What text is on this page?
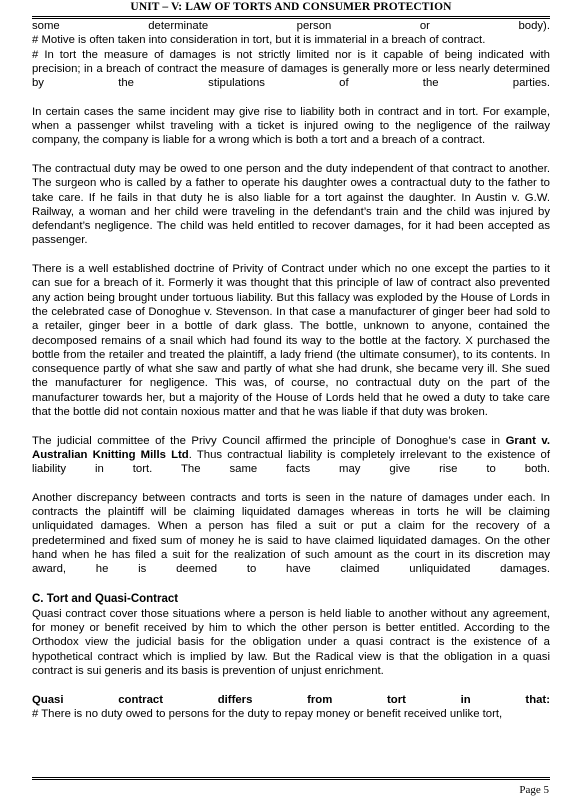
UNIT – V: LAW OF TORTS AND CONSUMER PROTECTION

some determinate person or body).

# Motive is often taken into consideration in tort, but it is immaterial in a breach of contract.

# In tort the measure of damages is not strictly limited nor is it capable of being indicated with precision; in a breach of contract the measure of damages is generally more or less nearly determined by the stipulations of the parties.

In certain cases the same incident may give rise to liability both in contract and in tort. For example, when a passenger whilst traveling with a ticket is injured owing to the negligence of the railway company, the company is liable for a wrong which is both a tort and a breach of a contract.

The contractual duty may be owed to one person and the duty independent of that contract to another. The surgeon who is called by a father to operate his daughter owes a contractual duty to the father to take care. If he fails in that duty he is also liable for a tort against the daughter. In Austin v. G.W. Railway, a woman and her child were traveling in the defendant’s train and the child was injured by defendant’s negligence. The child was held entitled to recover damages, for it had been accepted as passenger.

There is a well established doctrine of Privity of Contract under which no one except the parties to it can sue for a breach of it. Formerly it was thought that this principle of law of contract also prevented any action being brought under tortuous liability. But this fallacy was exploded by the House of Lords in the celebrated case of Donoghue v. Stevenson. In that case a manufacturer of ginger beer had sold to a retailer, ginger beer in a bottle of dark glass. The bottle, unknown to anyone, contained the decomposed remains of a snail which had found its way to the bottle at the factory. X purchased the bottle from the retailer and treated the plaintiff, a lady friend (the ultimate consumer), to its contents. In consequence partly of what she saw and partly of what she had drunk, she became very ill. She sued the manufacturer for negligence. This was, of course, no contractual duty on the part of the manufacturer towards her, but a majority of the House of Lords held that he owed a duty to take care that the bottle did not contain noxious matter and that he was liable if that duty was broken.

The judicial committee of the Privy Council affirmed the principle of Donoghue’s case in Grant v. Australian Knitting Mills Ltd. Thus contractual liability is completely irrelevant to the existence of liability in tort. The same facts may give rise to both.

Another discrepancy between contracts and torts is seen in the nature of damages under each. In contracts the plaintiff will be claiming liquidated damages whereas in torts he will be claiming unliquidated damages. When a person has filed a suit or put a claim for the recovery of a predetermined and fixed sum of money he is said to have claimed liquidated damages. On the other hand when he has filed a suit for the realization of such amount as the court in its discretion may award, he is deemed to have claimed unliquidated damages.

C. Tort and Quasi-Contract

Quasi contract cover those situations where a person is held liable to another without any agreement, for money or benefit received by him to which the other person is better entitled. According to the Orthodox view the judicial basis for the obligation under a quasi contract is the existence of a hypothetical contract which is implied by law. But the Radical view is that the obligation in a quasi contract is sui generis and its basis is prevention of unjust enrichment.

Quasi contract differs from tort in that:

# There is no duty owed to persons for the duty to repay money or benefit received unlike tort,

Page 5
